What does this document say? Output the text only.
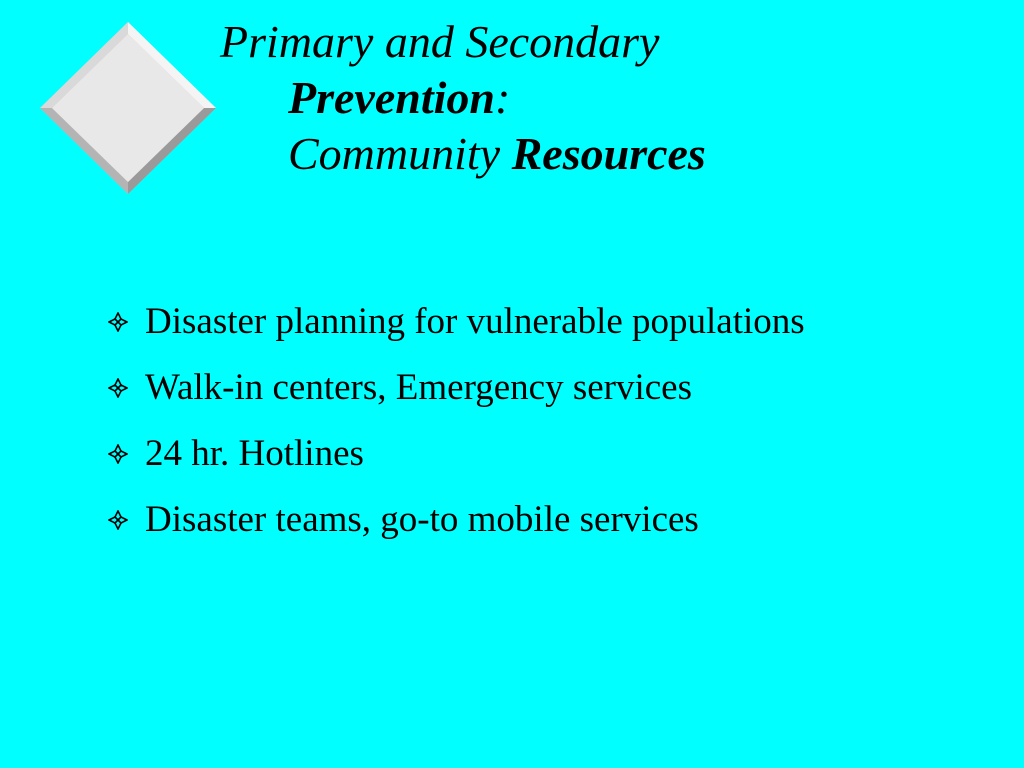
Primary and Secondary
Prevention:
Community Resources
Disaster planning for vulnerable populations
Walk-in centers, Emergency services
24 hr. Hotlines
Disaster teams, go-to mobile services
